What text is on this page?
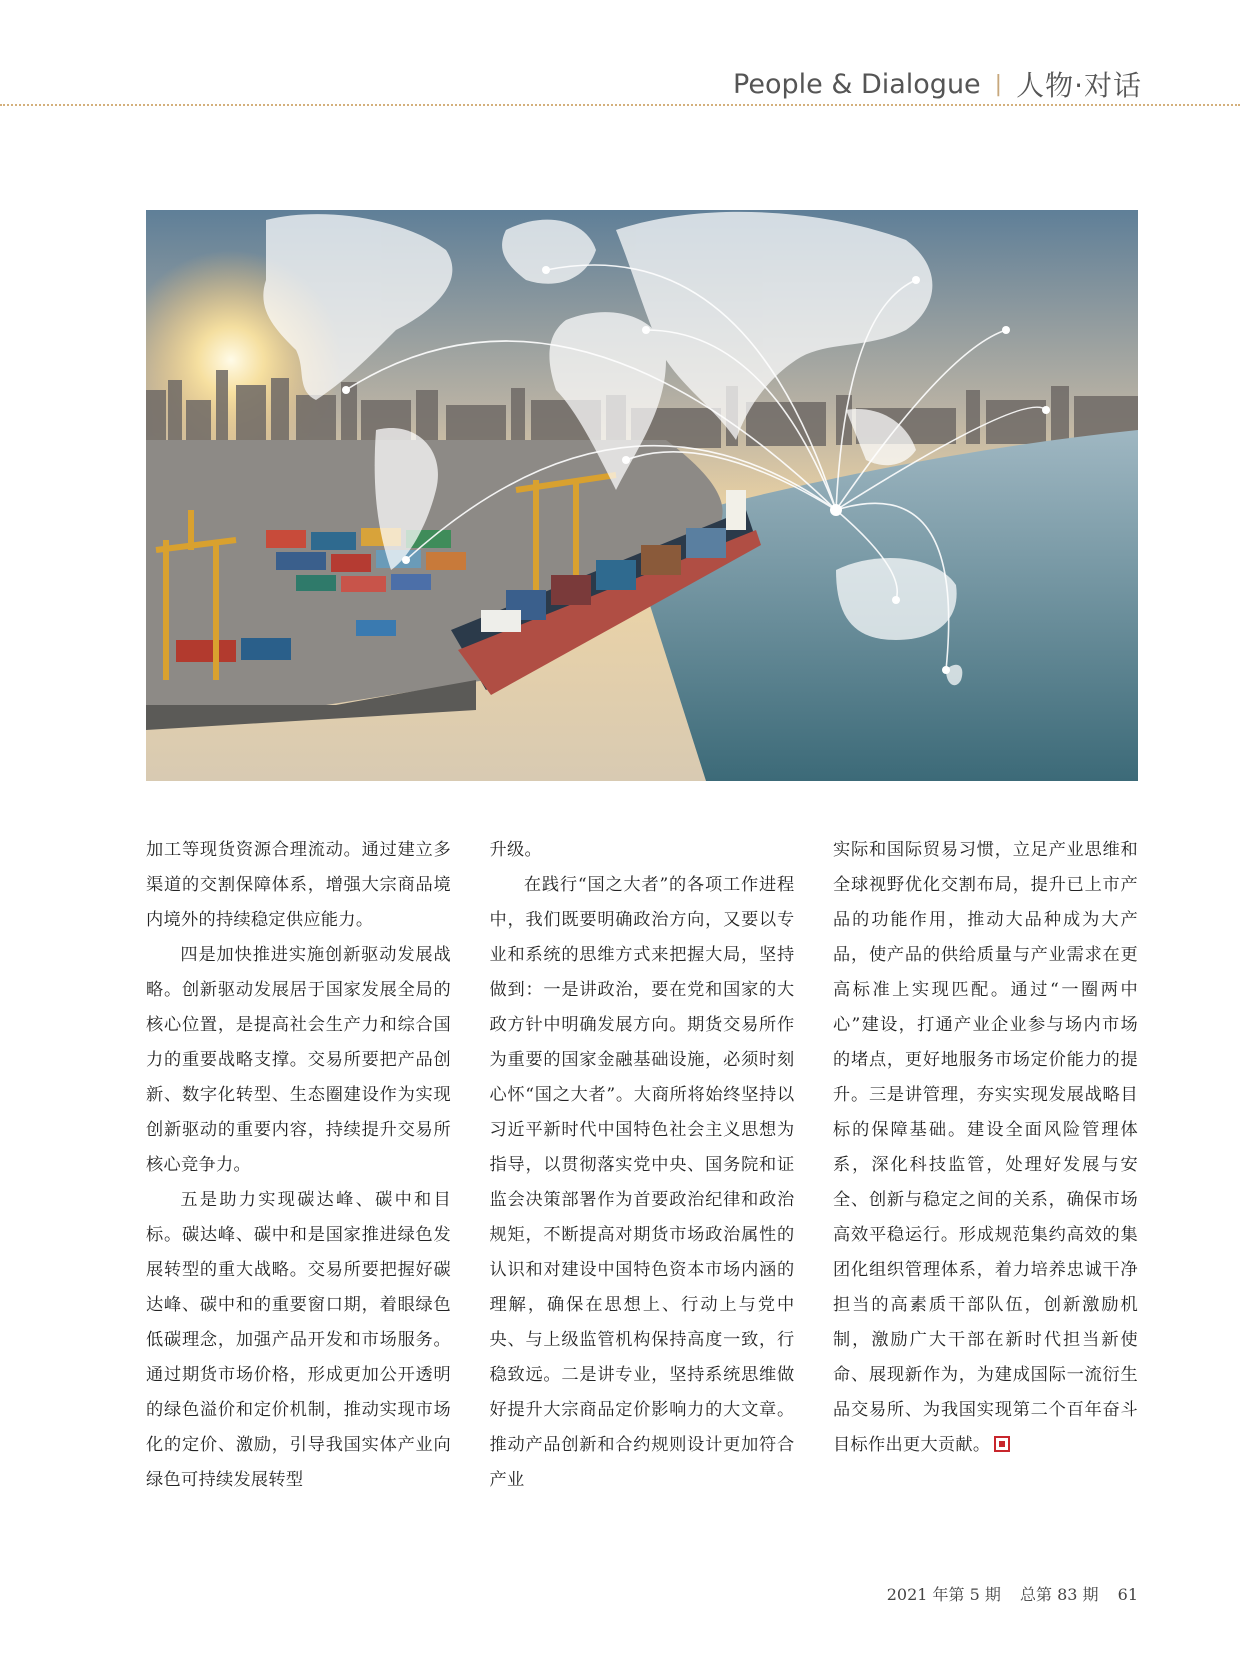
People & Dialogue | 人物·对话

加工等现货资源合理流动。通过建立多渠道的交割保障体系，增强大宗商品境内境外的持续稳定供应能力。

四是加快推进实施创新驱动发展战略。创新驱动发展居于国家发展全局的核心位置，是提高社会生产力和综合国力的重要战略支撑。交易所要把产品创新、数字化转型、生态圈建设作为实现创新驱动的重要内容，持续提升交易所核心竞争力。

五是助力实现碳达峰、碳中和目标。碳达峰、碳中和是国家推进绿色发展转型的重大战略。交易所要把握好碳达峰、碳中和的重要窗口期，着眼绿色低碳理念，加强产品开发和市场服务。通过期货市场价格，形成更加公开透明的绿色溢价和定价机制，推动实现市场化的定价、激励，引导我国实体产业向绿色可持续发展转型

升级。

在践行“国之大者”的各项工作进程中，我们既要明确政治方向，又要以专业和系统的思维方式来把握大局，坚持做到：一是讲政治，要在党和国家的大政方针中明确发展方向。期货交易所作为重要的国家金融基础设施，必须时刻心怀“国之大者”。大商所将始终坚持以习近平新时代中国特色社会主义思想为指导，以贯彻落实党中央、国务院和证监会决策部署作为首要政治纪律和政治规矩，不断提高对期货市场政治属性的认识和对建设中国特色资本市场内涵的理解，确保在思想上、行动上与党中央、与上级监管机构保持高度一致，行稳致远。二是讲专业，坚持系统思维做好提升大宗商品定价影响力的大文章。推动产品创新和合约规则设计更加符合产业

实际和国际贸易习惯，立足产业思维和全球视野优化交割布局，提升已上市产品的功能作用，推动大品种成为大产品，使产品的供给质量与产业需求在更高标准上实现匹配。通过“一圈两中心”建设，打通产业企业参与场内市场的堵点，更好地服务市场定价能力的提升。三是讲管理，夯实实现发展战略目标的保障基础。建设全面风险管理体系，深化科技监管，处理好发展与安全、创新与稳定之间的关系，确保市场高效平稳运行。形成规范集约高效的集团化组织管理体系，着力培养忠诚干净担当的高素质干部队伍，创新激励机制，激励广大干部在新时代担当新使命、展现新作为，为建成国际一流衍生品交易所、为我国实现第二个百年奋斗目标作出更大贡献。

2021 年第 5 期 总第 83 期 61
